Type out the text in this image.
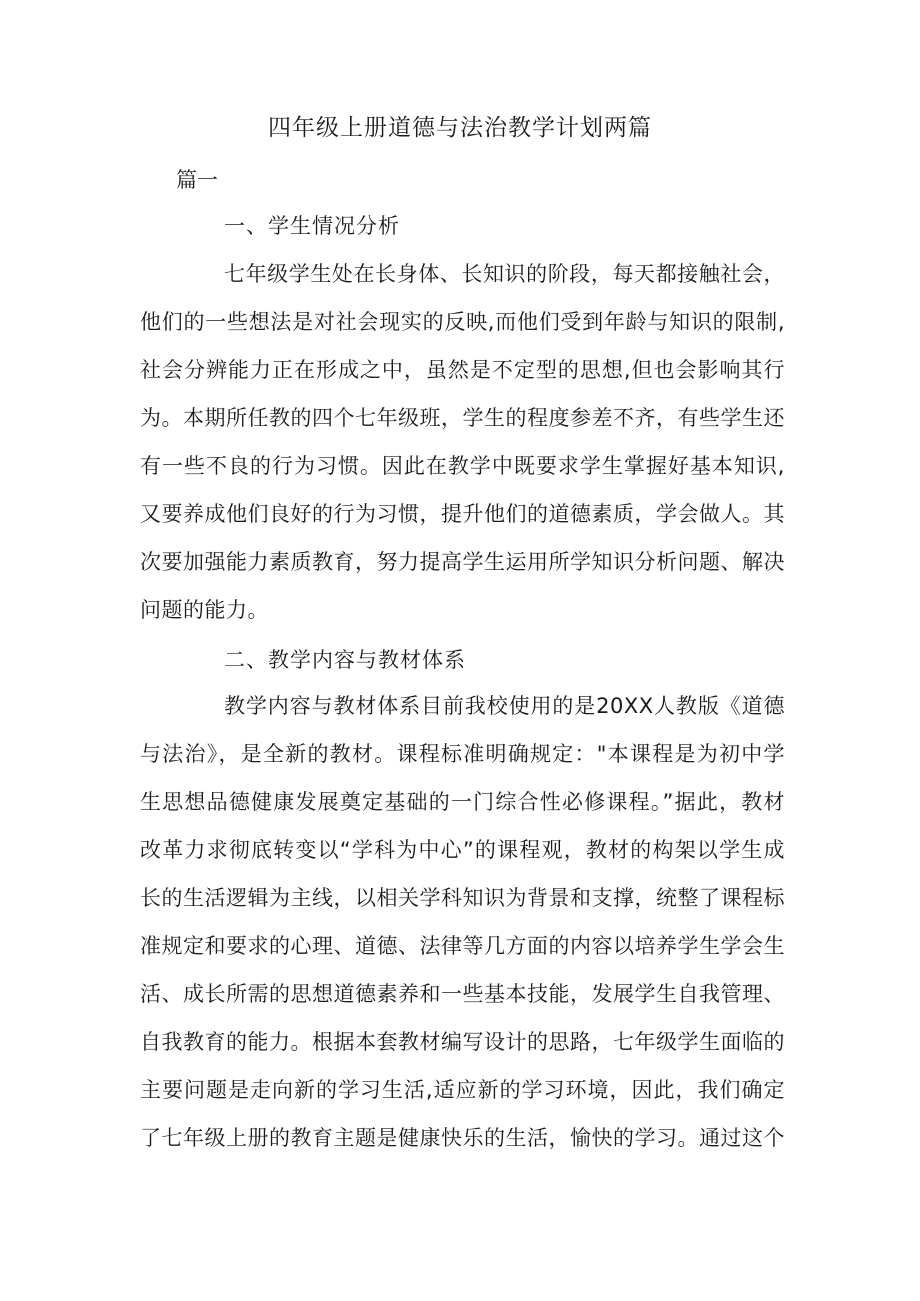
四年级上册道德与法治教学计划两篇
篇一
一、学生情况分析
七年级学生处在长身体、长知识的阶段，每天都接触社会，
他们的一些想法是对社会现实的反映,而他们受到年龄与知识的限制,
社会分辨能力正在形成之中，虽然是不定型的思想,但也会影响其行
为。本期所任教的四个七年级班，学生的程度参差不齐，有些学生还
有一些不良的行为习惯。因此在教学中既要求学生掌握好基本知识,
又要养成他们良好的行为习惯，提升他们的道德素质，学会做人。其
次要加强能力素质教育，努力提高学生运用所学知识分析问题、解决
问题的能力。
二、教学内容与教材体系
教学内容与教材体系目前我校使用的是20XX人教版《道德
与法治》，是全新的教材。课程标准明确规定："本课程是为初中学
生思想品德健康发展奠定基础的一门综合性必修课程。”据此，教材
改革力求彻底转变以“学科为中心”的课程观，教材的构架以学生成
长的生活逻辑为主线，以相关学科知识为背景和支撑，统整了课程标
准规定和要求的心理、道德、法律等几方面的内容以培养学生学会生
活、成长所需的思想道德素养和一些基本技能，发展学生自我管理、
自我教育的能力。根据本套教材编写设计的思路，七年级学生面临的
主要问题是走向新的学习生活,适应新的学习环境，因此，我们确定
了七年级上册的教育主题是健康快乐的生活，愉快的学习。通过这个
